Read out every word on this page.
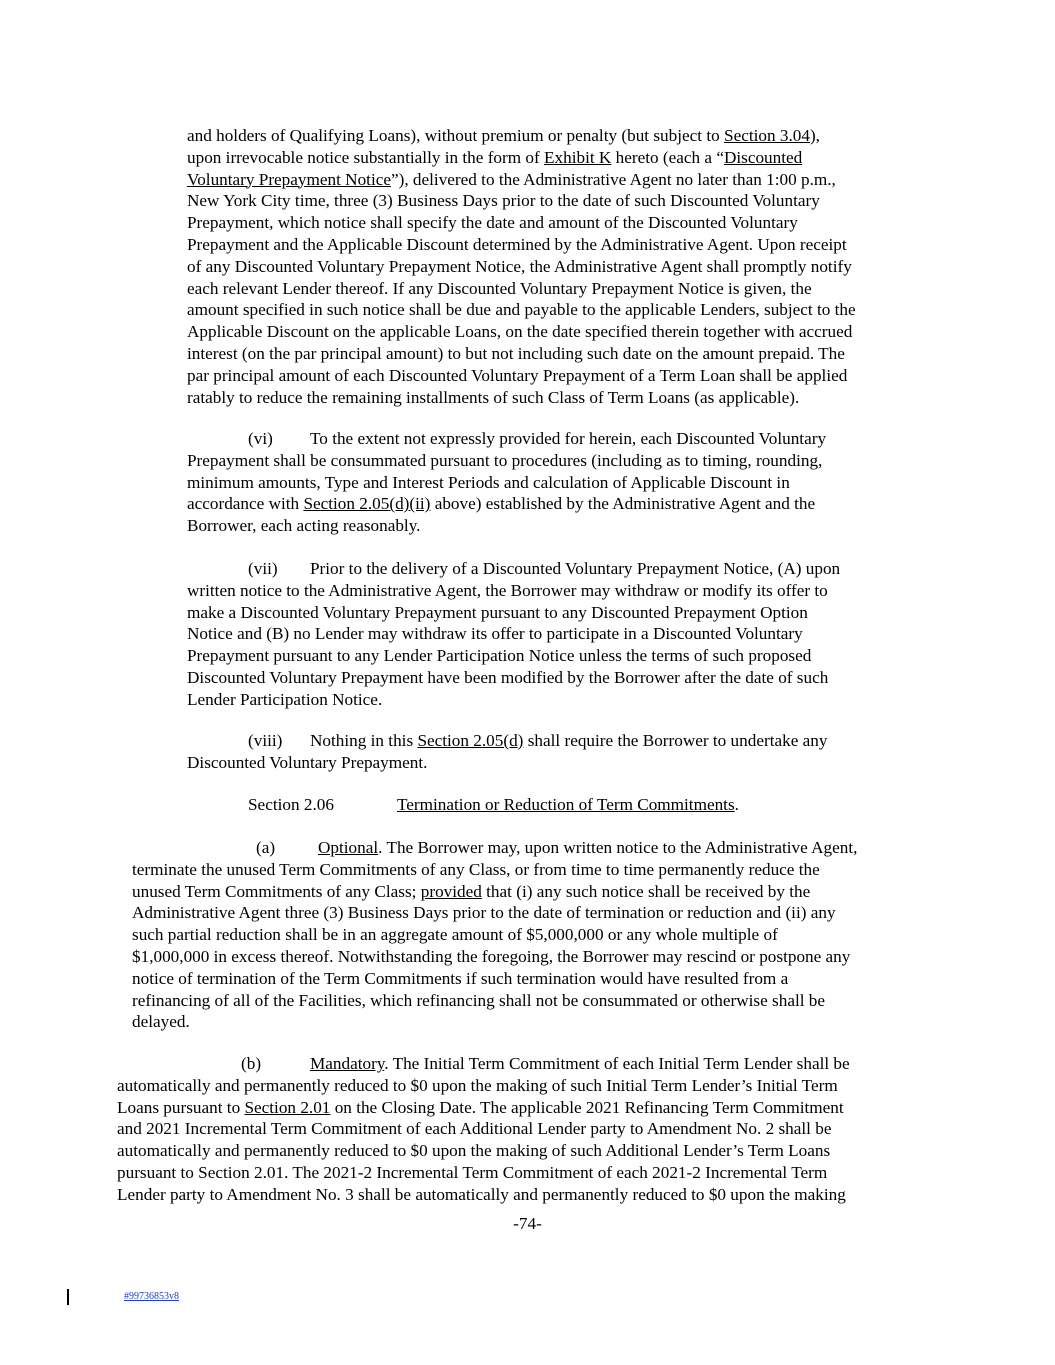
and holders of Qualifying Loans), without premium or penalty (but subject to Section 3.04),
upon irrevocable notice substantially in the form of Exhibit K hereto (each a “Discounted
Voluntary Prepayment Notice”), delivered to the Administrative Agent no later than 1:00 p.m.,
New York City time, three (3) Business Days prior to the date of such Discounted Voluntary
Prepayment, which notice shall specify the date and amount of the Discounted Voluntary
Prepayment and the Applicable Discount determined by the Administrative Agent. Upon receipt
of any Discounted Voluntary Prepayment Notice, the Administrative Agent shall promptly notify
each relevant Lender thereof. If any Discounted Voluntary Prepayment Notice is given, the
amount specified in such notice shall be due and payable to the applicable Lenders, subject to the
Applicable Discount on the applicable Loans, on the date specified therein together with accrued
interest (on the par principal amount) to but not including such date on the amount prepaid. The
par principal amount of each Discounted Voluntary Prepayment of a Term Loan shall be applied
ratably to reduce the remaining installments of such Class of Term Loans (as applicable).
(vi) To the extent not expressly provided for herein, each Discounted Voluntary
Prepayment shall be consummated pursuant to procedures (including as to timing, rounding,
minimum amounts, Type and Interest Periods and calculation of Applicable Discount in
accordance with Section 2.05(d)(ii) above) established by the Administrative Agent and the
Borrower, each acting reasonably.
(vii) Prior to the delivery of a Discounted Voluntary Prepayment Notice, (A) upon
written notice to the Administrative Agent, the Borrower may withdraw or modify its offer to
make a Discounted Voluntary Prepayment pursuant to any Discounted Prepayment Option
Notice and (B) no Lender may withdraw its offer to participate in a Discounted Voluntary
Prepayment pursuant to any Lender Participation Notice unless the terms of such proposed
Discounted Voluntary Prepayment have been modified by the Borrower after the date of such
Lender Participation Notice.
(viii) Nothing in this Section 2.05(d) shall require the Borrower to undertake any
Discounted Voluntary Prepayment.
Section 2.06	Termination or Reduction of Term Commitments.
(a) Optional. The Borrower may, upon written notice to the Administrative Agent,
terminate the unused Term Commitments of any Class, or from time to time permanently reduce the
unused Term Commitments of any Class; provided that (i) any such notice shall be received by the
Administrative Agent three (3) Business Days prior to the date of termination or reduction and (ii) any
such partial reduction shall be in an aggregate amount of $5,000,000 or any whole multiple of
$1,000,000 in excess thereof. Notwithstanding the foregoing, the Borrower may rescind or postpone any
notice of termination of the Term Commitments if such termination would have resulted from a
refinancing of all of the Facilities, which refinancing shall not be consummated or otherwise shall be
delayed.
(b)	Mandatory. The Initial Term Commitment of each Initial Term Lender shall be
automatically and permanently reduced to $0 upon the making of such Initial Term Lender’s Initial Term
Loans pursuant to Section 2.01 on the Closing Date. The applicable 2021 Refinancing Term Commitment
and 2021 Incremental Term Commitment of each Additional Lender party to Amendment No. 2 shall be
automatically and permanently reduced to $0 upon the making of such Additional Lender’s Term Loans
pursuant to Section 2.01. The 2021-2 Incremental Term Commitment of each 2021-2 Incremental Term
Lender party to Amendment No. 3 shall be automatically and permanently reduced to $0 upon the making
-74-
#99736853v8
